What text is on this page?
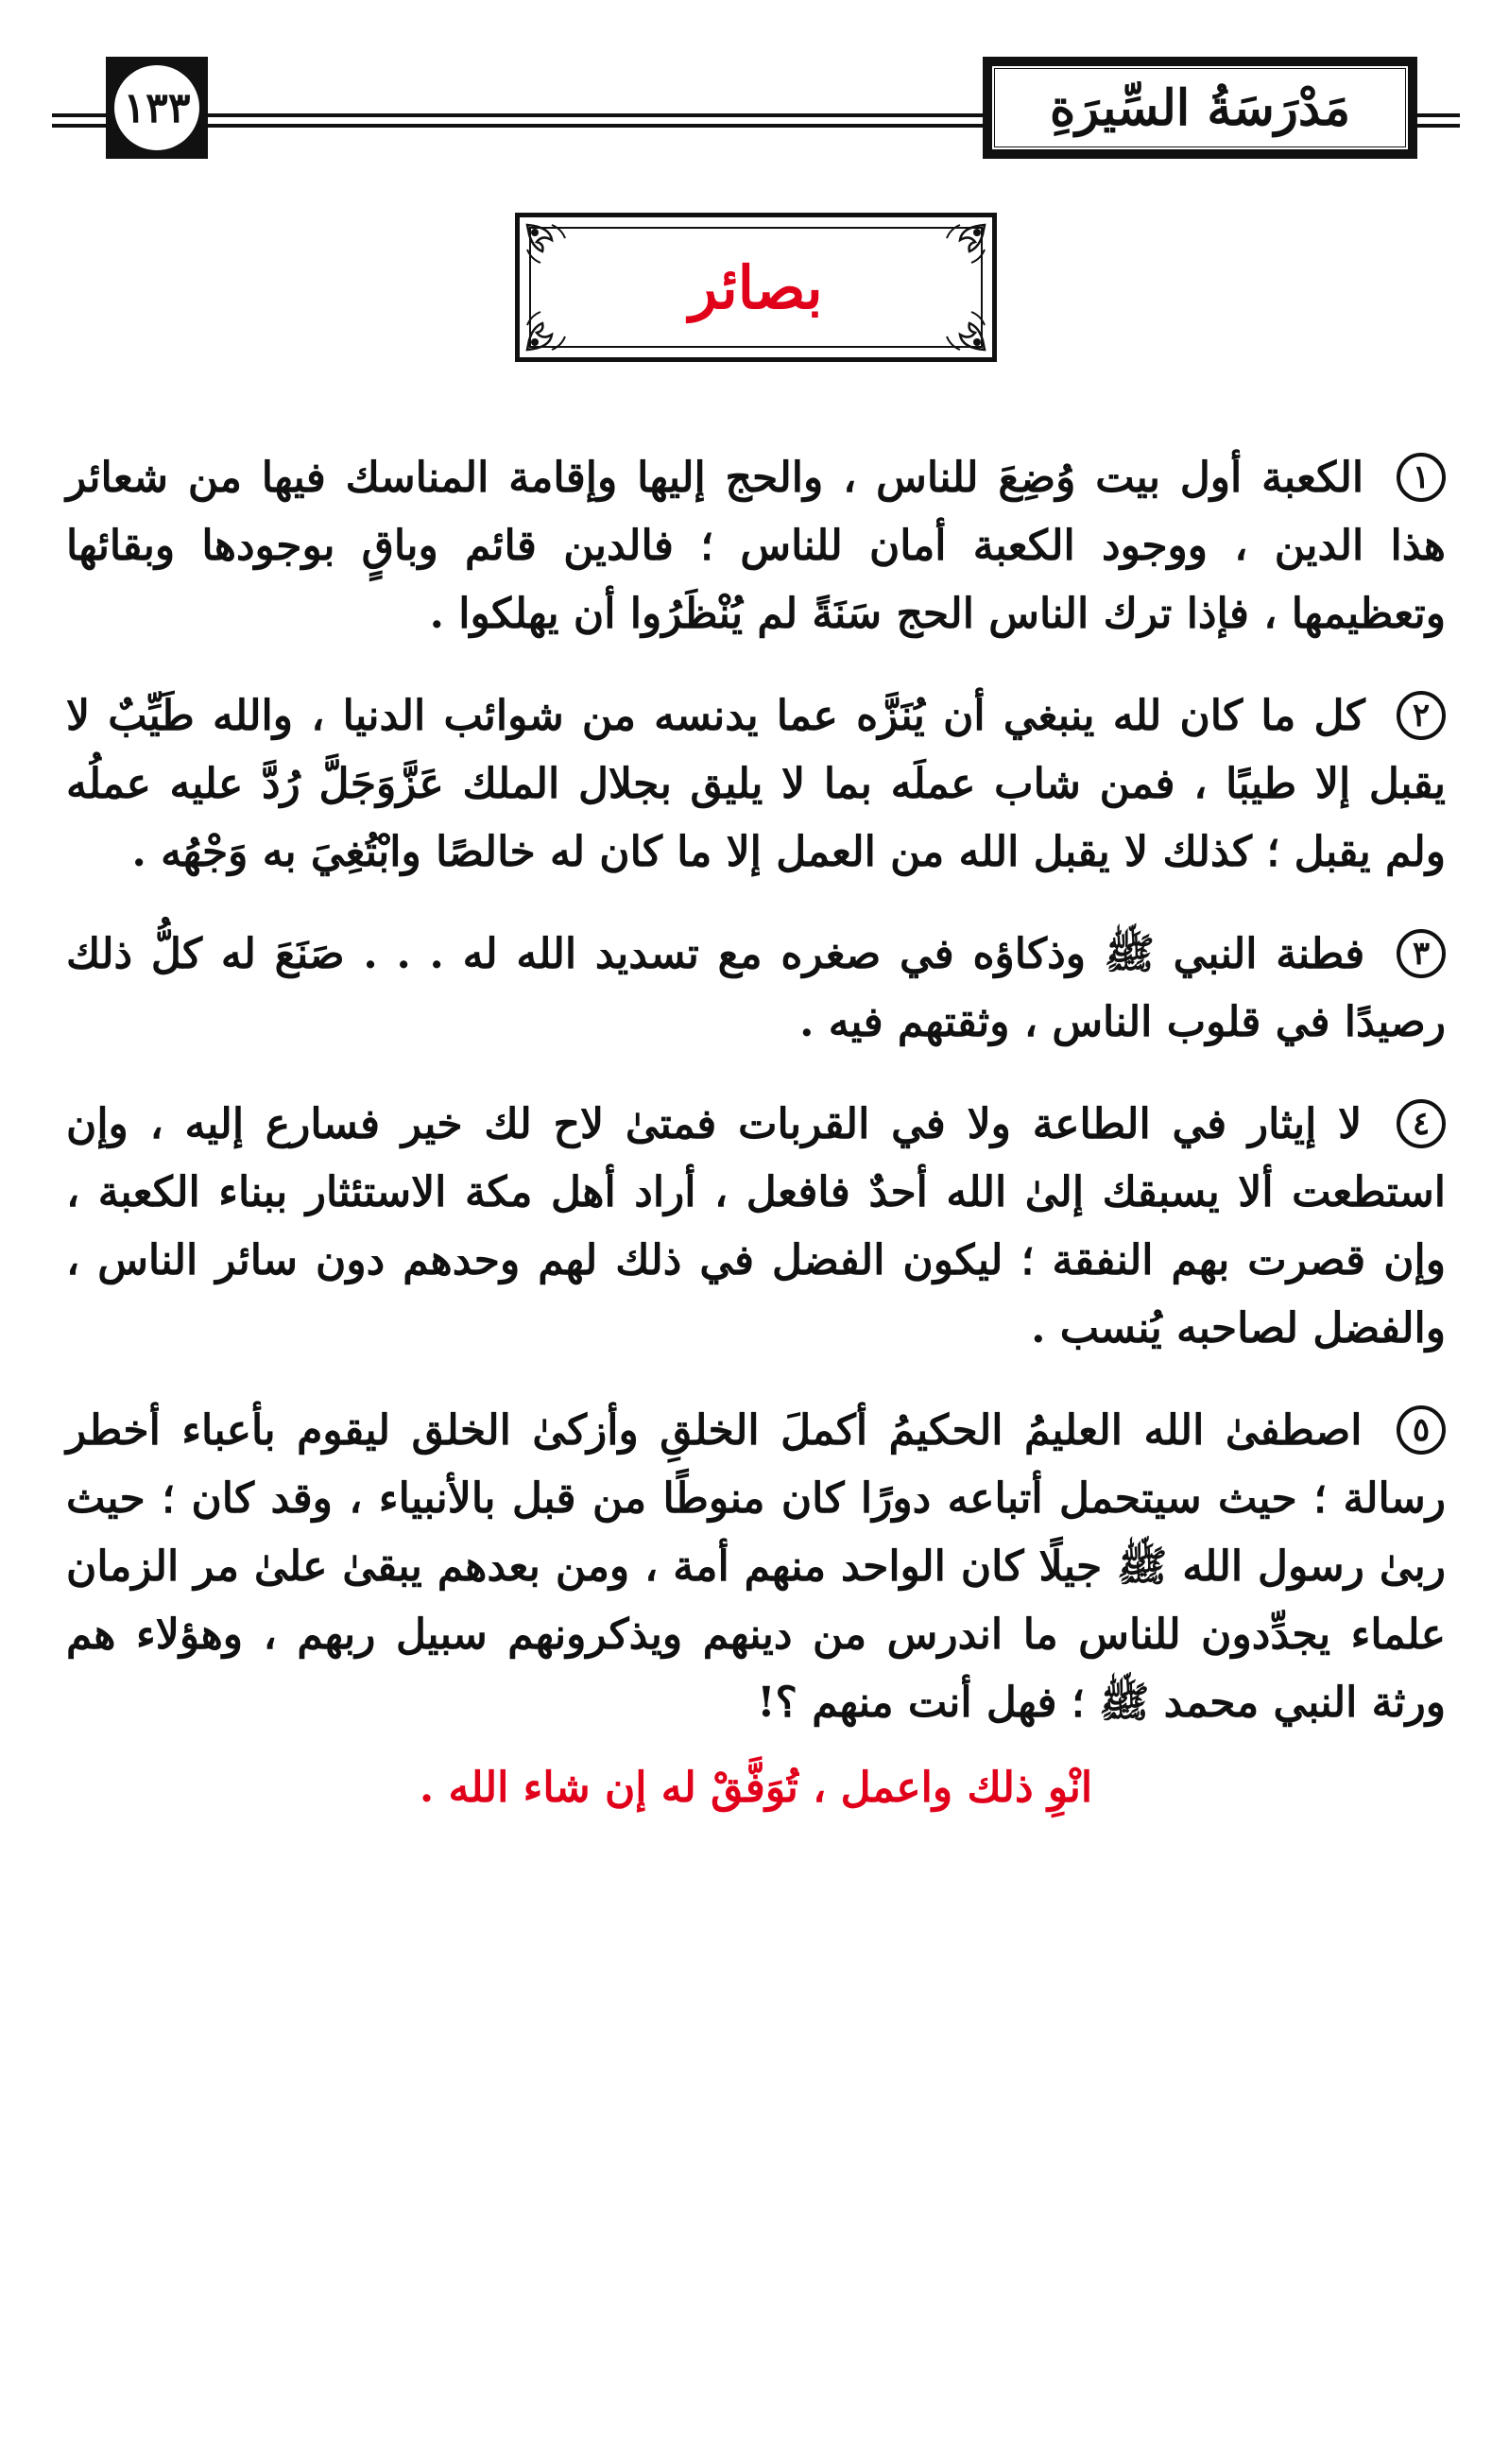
١٣٣	مَدْرَسَةُ السِّيرَةِ
بصائر

١ الكعبة أول بيت وُضِعَ للناس ، والحج إليها وإقامة المناسك فيها من شعائر هذا الدين ، ووجود الكعبة أمان للناس ؛ فالدين قائم وباقٍ بوجودها وبقائها وتعظيمها ، فإذا ترك الناس الحج سَنَةً لم يُنْظَرُوا أن يهلكوا .

٢ كل ما كان لله ينبغي أن يُنَزَّه عما يدنسه من شوائب الدنيا ، والله طَيِّبٌ لا يقبل إلا طيبًا ، فمن شاب عملَه بما لا يليق بجلال الملك عَزَّوَجَلَّ رُدَّ عليه عملُه ولم يقبل ؛ كذلك لا يقبل الله من العمل إلا ما كان له خالصًا وابْتُغِيَ به وَجْهُه .

٣ فطنة النبي ﷺ وذكاؤه في صغره مع تسديد الله له . . . صَنَعَ له كلُّ ذلك رصيدًا في قلوب الناس ، وثقتهم فيه .

٤ لا إيثار في الطاعة ولا في القربات فمتىٰ لاح لك خير فسارع إليه ، وإن استطعت ألا يسبقك إلىٰ الله أحدٌ فافعل ، أراد أهل مكة الاستئثار ببناء الكعبة ، وإن قصرت بهم النفقة ؛ ليكون الفضل في ذلك لهم وحدهم دون سائر الناس ، والفضل لصاحبه يُنسب .

٥ اصطفىٰ الله العليمُ الحكيمُ أكملَ الخلقِ وأزكىٰ الخلق ليقوم بأعباء أخطر رسالة ؛ حيث سيتحمل أتباعه دورًا كان منوطًا من قبل بالأنبياء ، وقد كان ؛ حيث ربىٰ رسول الله ﷺ جيلًا كان الواحد منهم أمة ، ومن بعدهم يبقىٰ علىٰ مر الزمان علماء يجدِّدون للناس ما اندرس من دينهم ويذكرونهم سبيل ربهم ، وهؤلاء هم ورثة النبي محمد ﷺ ؛ فهل أنت منهم ؟!

انْوِ ذلك واعمل ، تُوَفَّقْ له إن شاء الله .
